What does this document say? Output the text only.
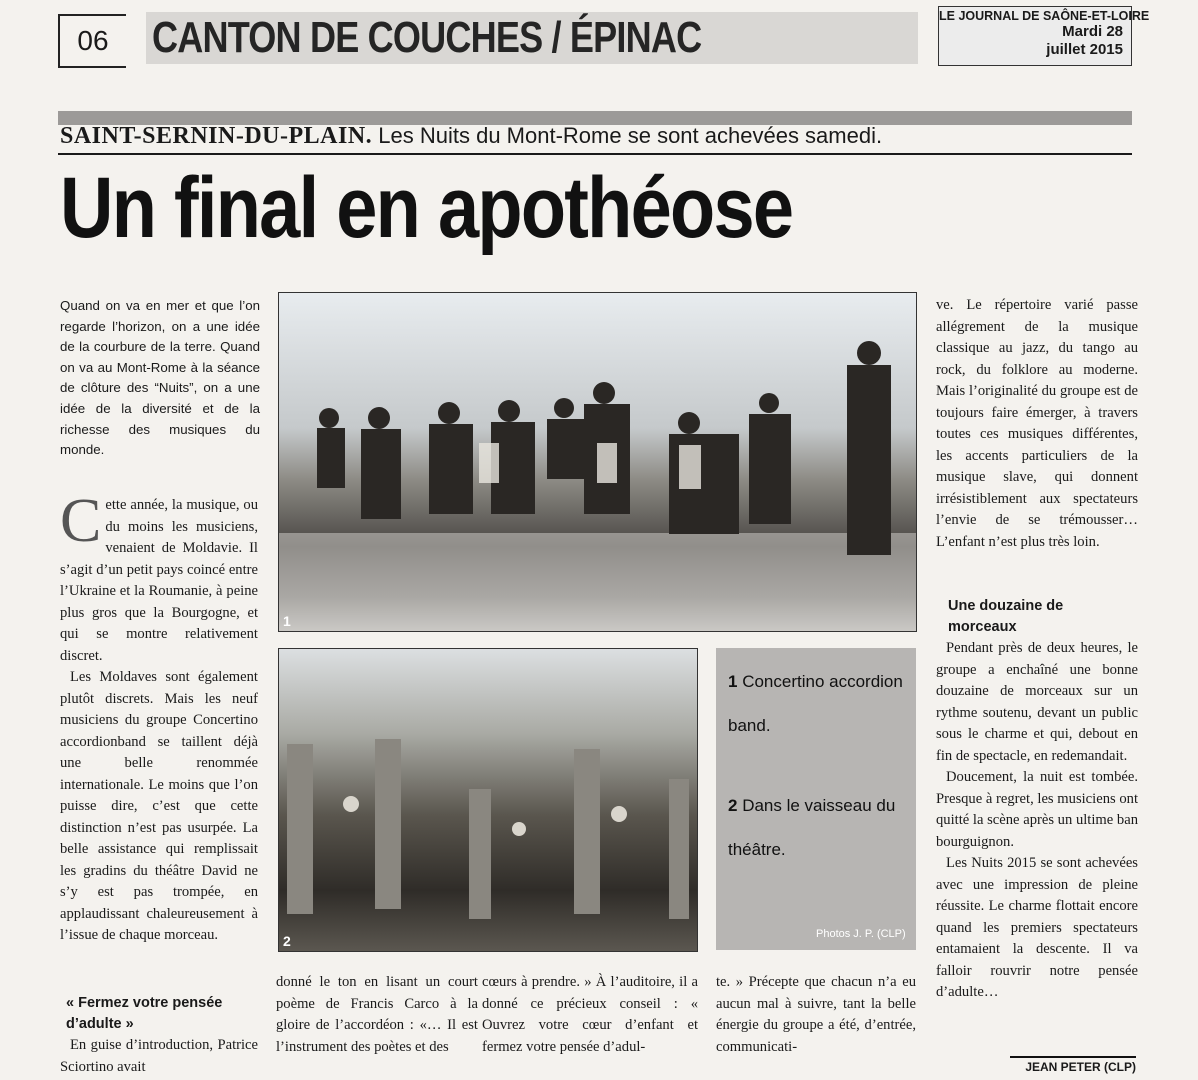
06 CANTON DE COUCHES / ÉPINAC	LE JOURNAL DE SAÔNE-ET-LOIRE
Mardi 28
juillet 2015
SAINT-SERNIN-DU-PLAIN. Les Nuits du Mont-Rome se sont achevées samedi.
Un final en apothéose
Quand on va en mer et que l’on regarde l’horizon, on a une idée de la courbure de la terre. Quand on va au Mont-Rome à la séance de clôture des “Nuits”, on a une idée de la diversité et de la richesse des musiques du monde.
Cette année, la musique, ou du moins les musiciens, venaient de Moldavie. Il s’agit d’un petit pays coincé entre l’Ukraine et la Roumanie, à peine plus gros que la Bourgogne, et qui se montre relativement discret.
Les Moldaves sont également plutôt discrets. Mais les neuf musiciens du groupe Concertino accordionband se taillent déjà une belle renommée internationale. Le moins que l’on puisse dire, c’est que cette distinction n’est pas usurpée. La belle assistance qui remplissait les gradins du théâtre David ne s’y est pas trompée, en applaudissant chaleureusement à l’issue de chaque morceau.
« Fermez votre pensée d’adulte »
En guise d’introduction, Patrice Sciortino avait
1
2
1 Concertino accordion band.
2 Dans le vaisseau du théâtre.
Photos J. P. (CLP)
donné le ton en lisant un court poème de Francis Carco à la gloire de l’accordéon : «… Il est l’instrument des poètes et des
cœurs à prendre. » À l’auditoire, il a donné ce précieux conseil : « Ouvrez votre cœur d’enfant et fermez votre pensée d’adul-
te. » Précepte que chacun n’a eu aucun mal à suivre, tant la belle énergie du groupe a été, d’entrée, communicati-
ve. Le répertoire varié passe allégrement de la musique classique au jazz, du tango au rock, du folklore au moderne. Mais l’originalité du groupe est de toujours faire émerger, à travers toutes ces musiques différentes, les accents particuliers de la musique slave, qui donnent irrésistiblement aux spectateurs l’envie de se trémousser… L’enfant n’est plus très loin.
Une douzaine de morceaux
Pendant près de deux heures, le groupe a enchaîné une bonne douzaine de morceaux sur un rythme soutenu, devant un public sous le charme et qui, debout en fin de spectacle, en redemandait.
Doucement, la nuit est tombée. Presque à regret, les musiciens ont quitté la scène après un ultime ban bourguignon.
Les Nuits 2015 se sont achevées avec une impression de pleine réussite. Le charme flottait encore quand les premiers spectateurs entamaient la descente. Il va falloir rouvrir notre pensée d’adulte…
JEAN PETER (CLP)
